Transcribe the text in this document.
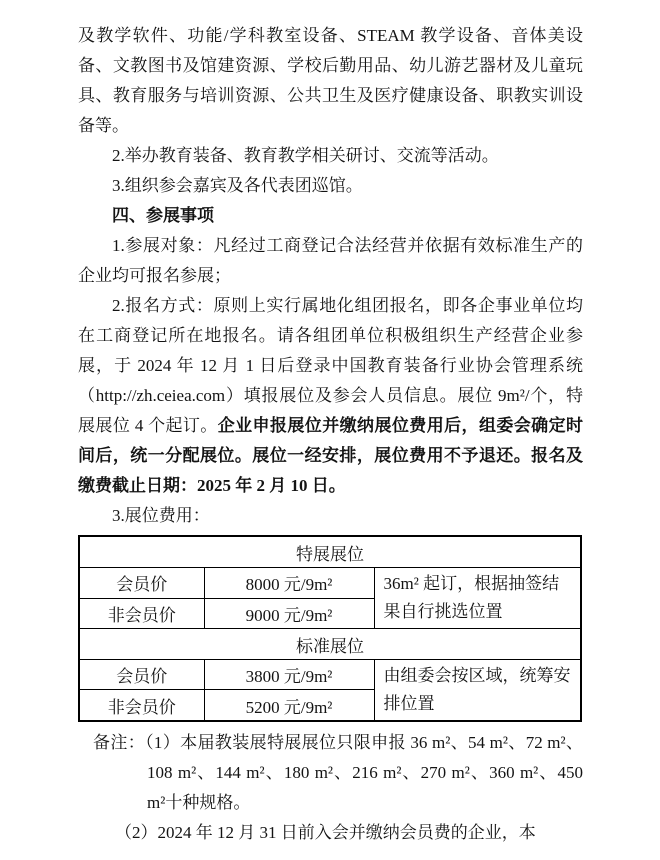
及教学软件、功能/学科教室设备、STEAM 教学设备、音体美设备、文教图书及馆建资源、学校后勤用品、幼儿游艺器材及儿童玩具、教育服务与培训资源、公共卫生及医疗健康设备、职教实训设备等。

2.举办教育装备、教育教学相关研讨、交流等活动。

3.组织参会嘉宾及各代表团巡馆。

四、参展事项

1.参展对象：凡经过工商登记合法经营并依据有效标准生产的企业均可报名参展；

2.报名方式：原则上实行属地化组团报名，即各企事业单位均在工商登记所在地报名。请各组团单位积极组织生产经营企业参展，于 2024 年 12 月 1 日后登录中国教育装备行业协会管理系统（http://zh.ceiea.com）填报展位及参会人员信息。展位 9m²/个，特展展位 4 个起订。企业申报展位并缴纳展位费用后，组委会确定时间后，统一分配展位。展位一经安排，展位费用不予退还。报名及缴费截止日期：2025 年 2 月 10 日。

3.展位费用：

特展展位		
会员价	8000 元/9m²	36m² 起订，根据抽签结果自行挑选位置
非会员价	9000 元/9m²	
标准展位		
会员价	3800 元/9m²	由组委会按区域，统筹安排位置
非会员价	5200 元/9m²	

备注：（1）本届教装展特展展位只限申报 36 m²、54 m²、72 m²、108 m²、144 m²、180 m²、216 m²、270 m²、360 m²、450 m²十种规格。

（2）2024 年 12 月 31 日前入会并缴纳会员费的企业，本
